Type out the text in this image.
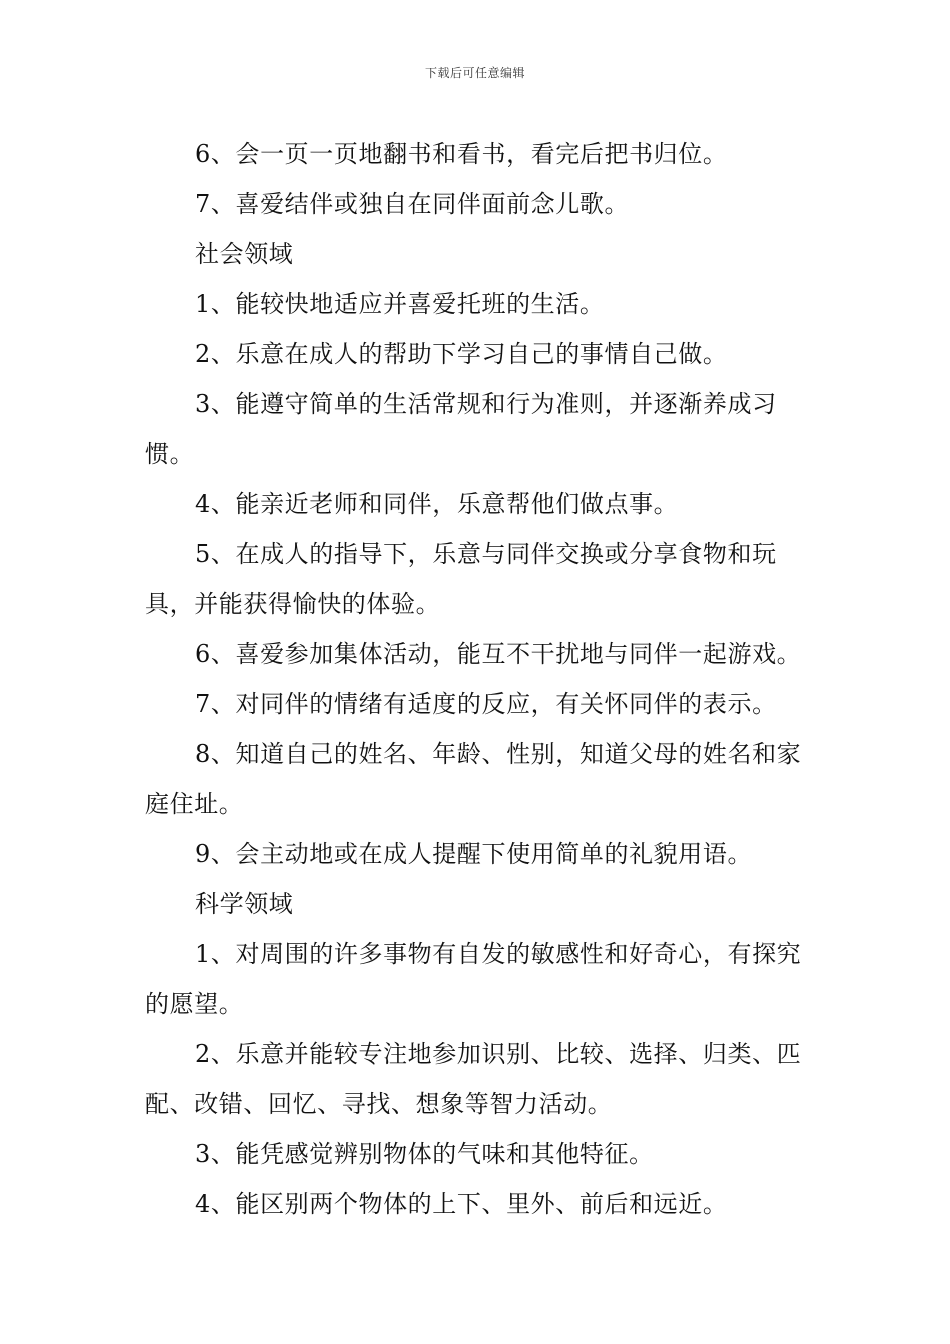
下载后可任意编辑

6、会一页一页地翻书和看书，看完后把书归位。

7、喜爱结伴或独自在同伴面前念儿歌。

社会领域

1、能较快地适应并喜爱托班的生活。

2、乐意在成人的帮助下学习自己的事情自己做。

3、能遵守简单的生活常规和行为准则，并逐渐养成习惯。

4、能亲近老师和同伴，乐意帮他们做点事。

5、在成人的指导下，乐意与同伴交换或分享食物和玩具，并能获得愉快的体验。

6、喜爱参加集体活动，能互不干扰地与同伴一起游戏。

7、对同伴的情绪有适度的反应，有关怀同伴的表示。

8、知道自己的姓名、年龄、性别，知道父母的姓名和家庭住址。

9、会主动地或在成人提醒下使用简单的礼貌用语。

科学领域

1、对周围的许多事物有自发的敏感性和好奇心，有探究的愿望。

2、乐意并能较专注地参加识别、比较、选择、归类、匹配、改错、回忆、寻找、想象等智力活动。

3、能凭感觉辨别物体的气味和其他特征。

4、能区别两个物体的上下、里外、前后和远近。
